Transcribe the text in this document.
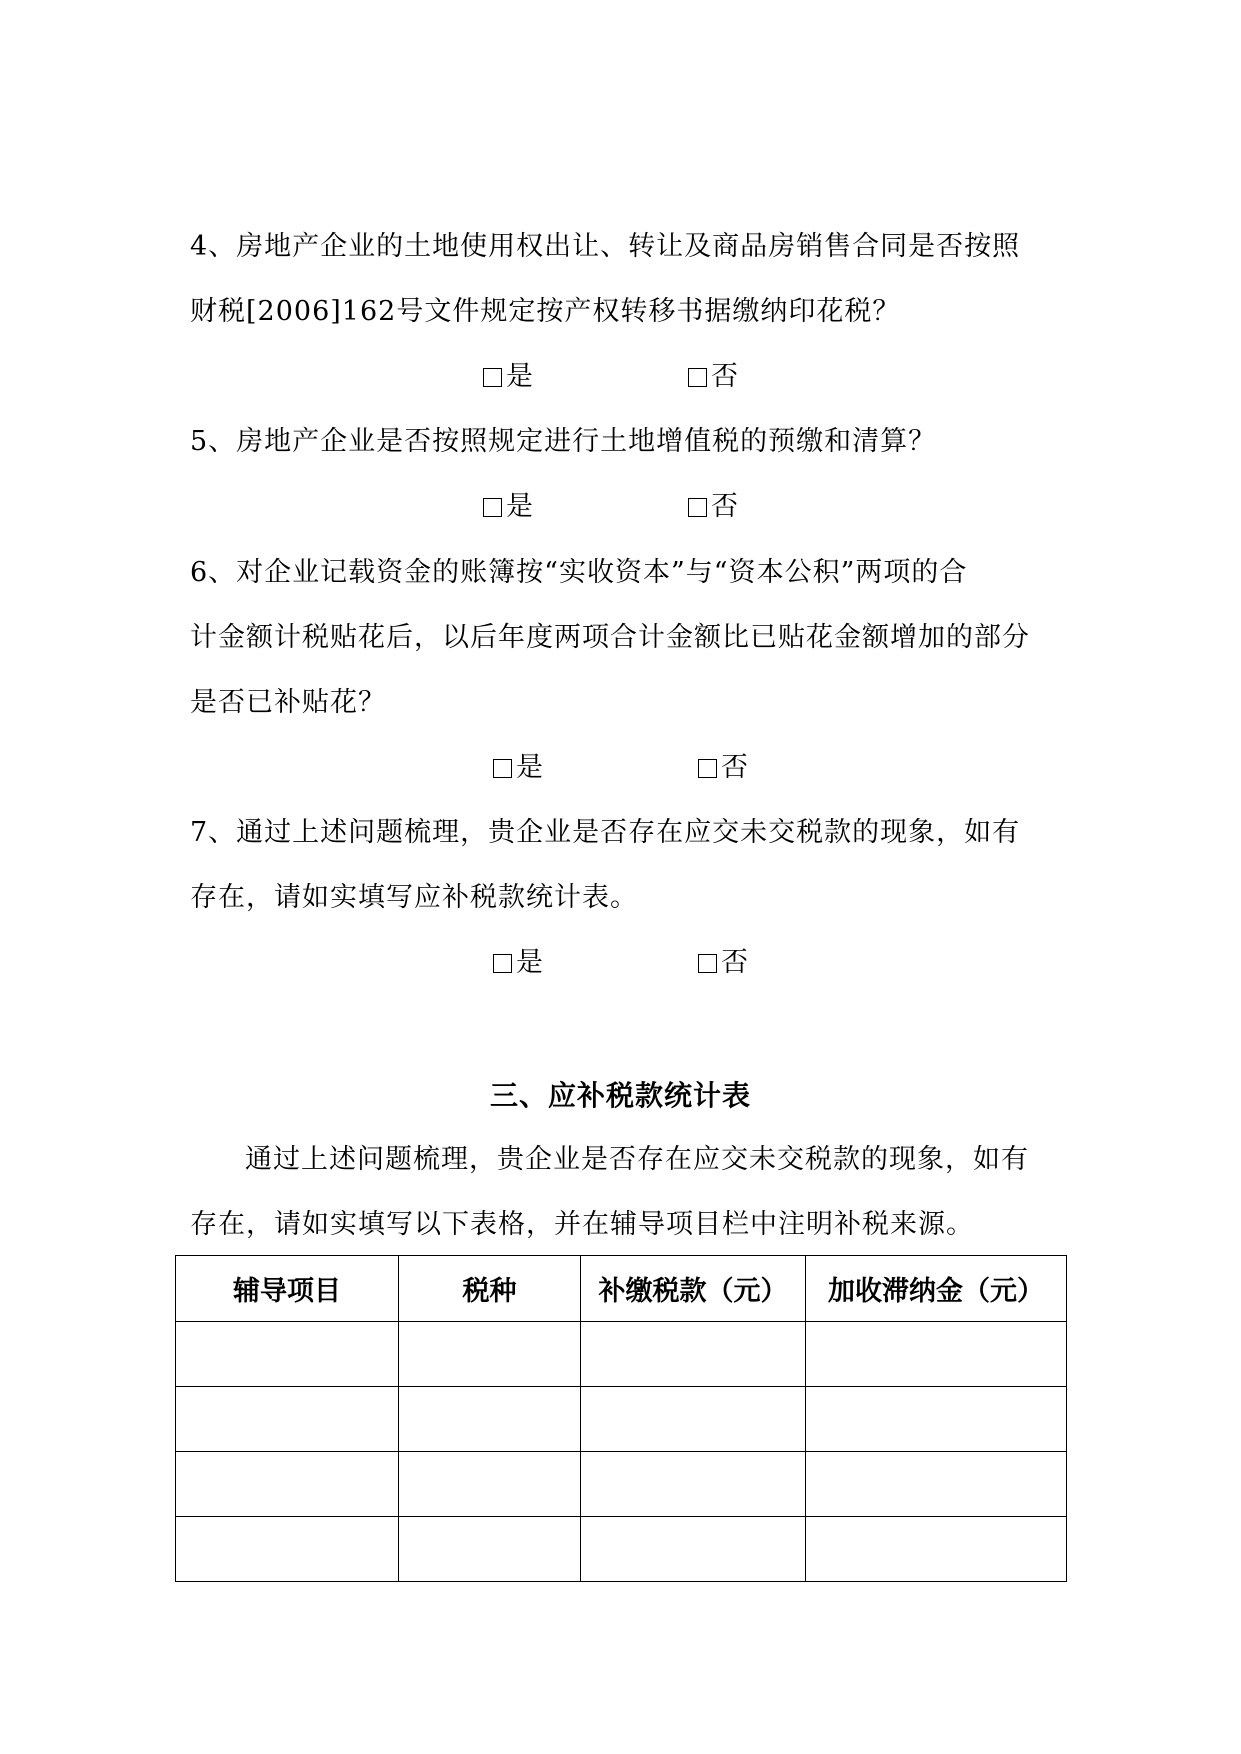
4、房地产企业的土地使用权出让、转让及商品房销售合同是否按照
财税[2006]162号文件规定按产权转移书据缴纳印花税？
是	否
5、房地产企业是否按照规定进行土地增值税的预缴和清算？
是	否
6、对企业记载资金的账簿按“实收资本”与“资本公积”两项的合
计金额计税贴花后，以后年度两项合计金额比已贴花金额增加的部分
是否已补贴花？
是	否
7、通过上述问题梳理，贵企业是否存在应交未交税款的现象，如有
存在，请如实填写应补税款统计表。
是	否
三、应补税款统计表
通过上述问题梳理，贵企业是否存在应交未交税款的现象，如有
存在，请如实填写以下表格，并在辅导项目栏中注明补税来源。
辅导项目	税种	补缴税款（元）	加收滞纳金（元）
